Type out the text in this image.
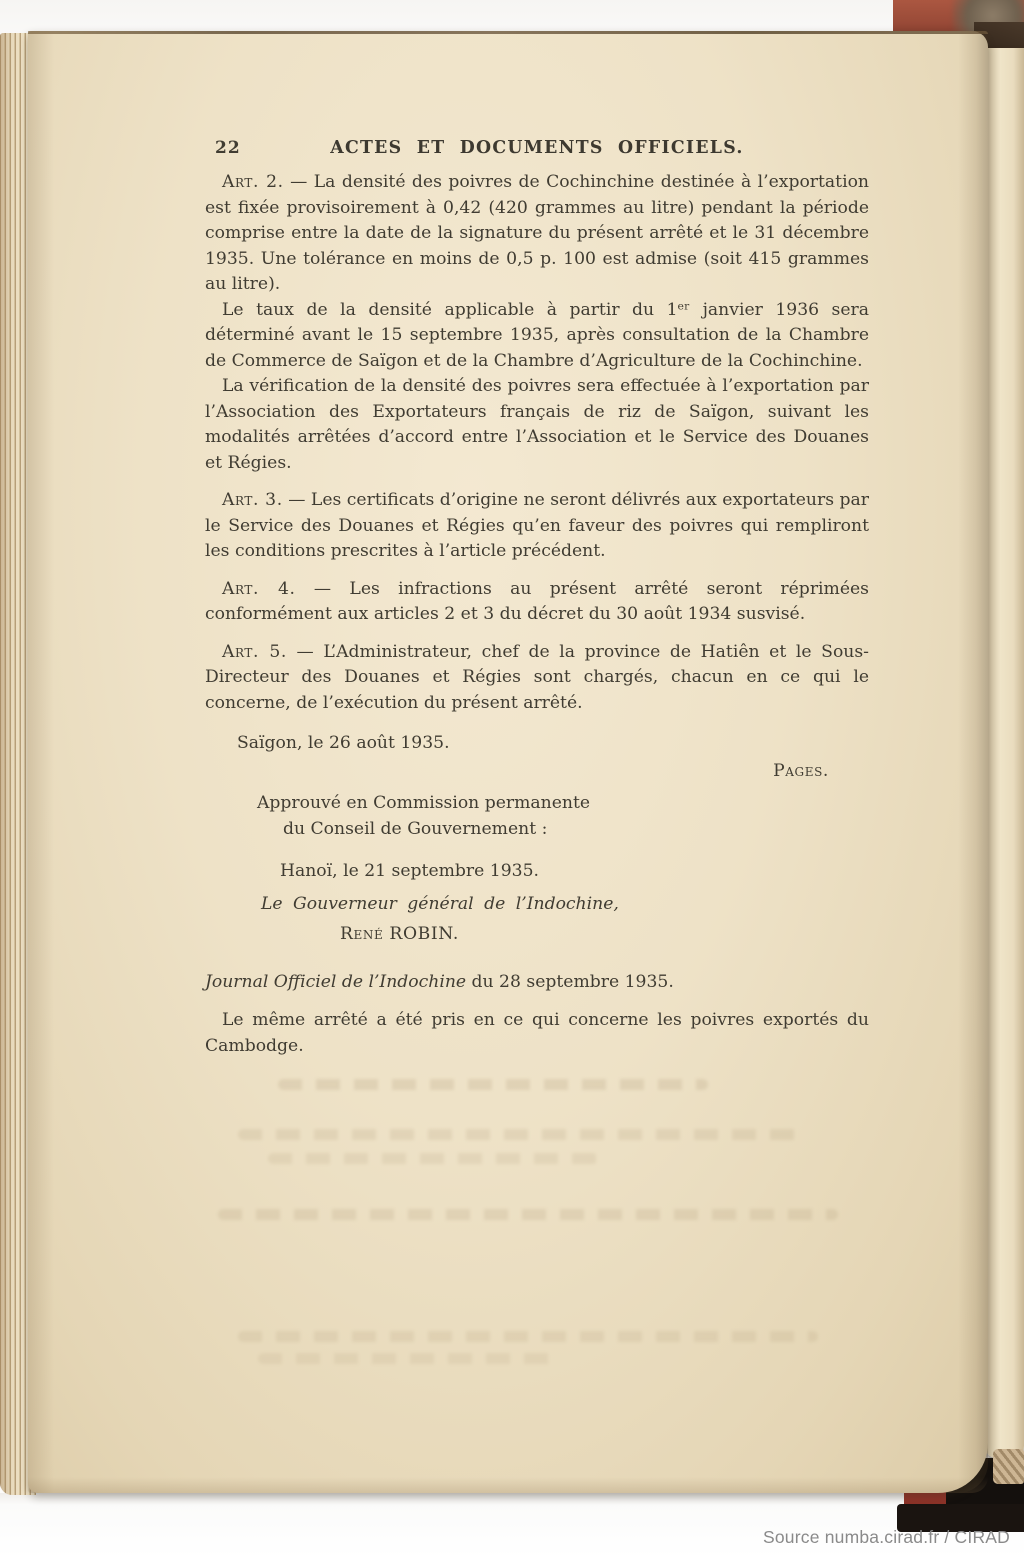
22	ACTES ET DOCUMENTS OFFICIELS.

Art. 2. — La densité des poivres de Cochinchine destinée à l’exportation est fixée provisoirement à 0,42 (420 grammes au litre) pendant la période comprise entre la date de la signature du présent arrêté et le 31 décembre 1935. Une tolérance en moins de 0,5 p. 100 est admise (soit 415 grammes au litre).

Le taux de la densité applicable à partir du 1ᵉʳ janvier 1936 sera déterminé avant le 15 septembre 1935, après consultation de la Chambre de Commerce de Saïgon et de la Chambre d’Agriculture de la Cochinchine.

La vérification de la densité des poivres sera effectuée à l’exportation par l’Association des Exportateurs français de riz de Saïgon, suivant les modalités arrêtées d’accord entre l’Association et le Service des Douanes et Régies.

Art. 3. — Les certificats d’origine ne seront délivrés aux exportateurs par le Service des Douanes et Régies qu’en faveur des poivres qui rempliront les conditions prescrites à l’article précédent.

Art. 4. — Les infractions au présent arrêté seront réprimées conformément aux articles 2 et 3 du décret du 30 août 1934 susvisé.

Art. 5. — L’Administrateur, chef de la province de Hatiên et le Sous-Directeur des Douanes et Régies sont chargés, chacun en ce qui le concerne, de l’exécution du présent arrêté.

Saïgon, le 26 août 1935.

Pages.

Approuvé en Commission permanente
du Conseil de Gouvernement :

Hanoï, le 21 septembre 1935.

Le Gouverneur général de l’Indochine,

René ROBIN.

Journal Officiel de l’Indochine du 28 septembre 1935.

Le même arrêté a été pris en ce qui concerne les poivres exportés du Cambodge.

Source numba.cirad.fr / CIRAD
